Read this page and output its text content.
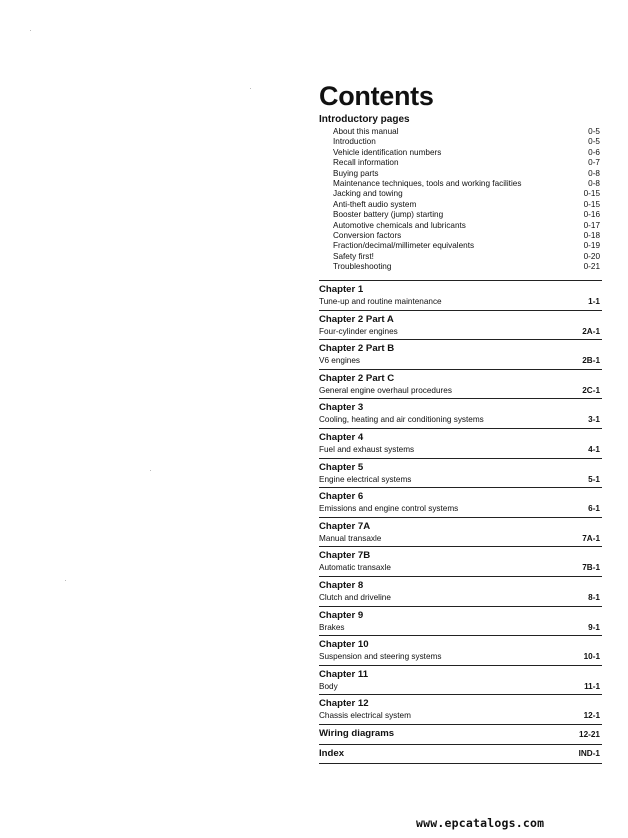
Contents
Introductory pages
About this manual	0-5
Introduction	0-5
Vehicle identification numbers	0-6
Recall information	0-7
Buying parts	0-8
Maintenance techniques, tools and working facilities	0-8
Jacking and towing	0-15
Anti-theft audio system	0-15
Booster battery (jump) starting	0-16
Automotive chemicals and lubricants	0-17
Conversion factors	0-18
Fraction/decimal/millimeter equivalents	0-19
Safety first!	0-20
Troubleshooting	0-21
Chapter 1
Tune-up and routine maintenance	1-1
Chapter 2 Part A
Four-cylinder engines	2A-1
Chapter 2 Part B
V6 engines	2B-1
Chapter 2 Part C
General engine overhaul procedures	2C-1
Chapter 3
Cooling, heating and air conditioning systems	3-1
Chapter 4
Fuel and exhaust systems	4-1
Chapter 5
Engine electrical systems	5-1
Chapter 6
Emissions and engine control systems	6-1
Chapter 7A
Manual transaxle	7A-1
Chapter 7B
Automatic transaxle	7B-1
Chapter 8
Clutch and driveline	8-1
Chapter 9
Brakes	9-1
Chapter 10
Suspension and steering systems	10-1
Chapter 11
Body	11-1
Chapter 12
Chassis electrical system	12-1
Wiring diagrams	12-21
Index	IND-1
www.epcatalogs.com
